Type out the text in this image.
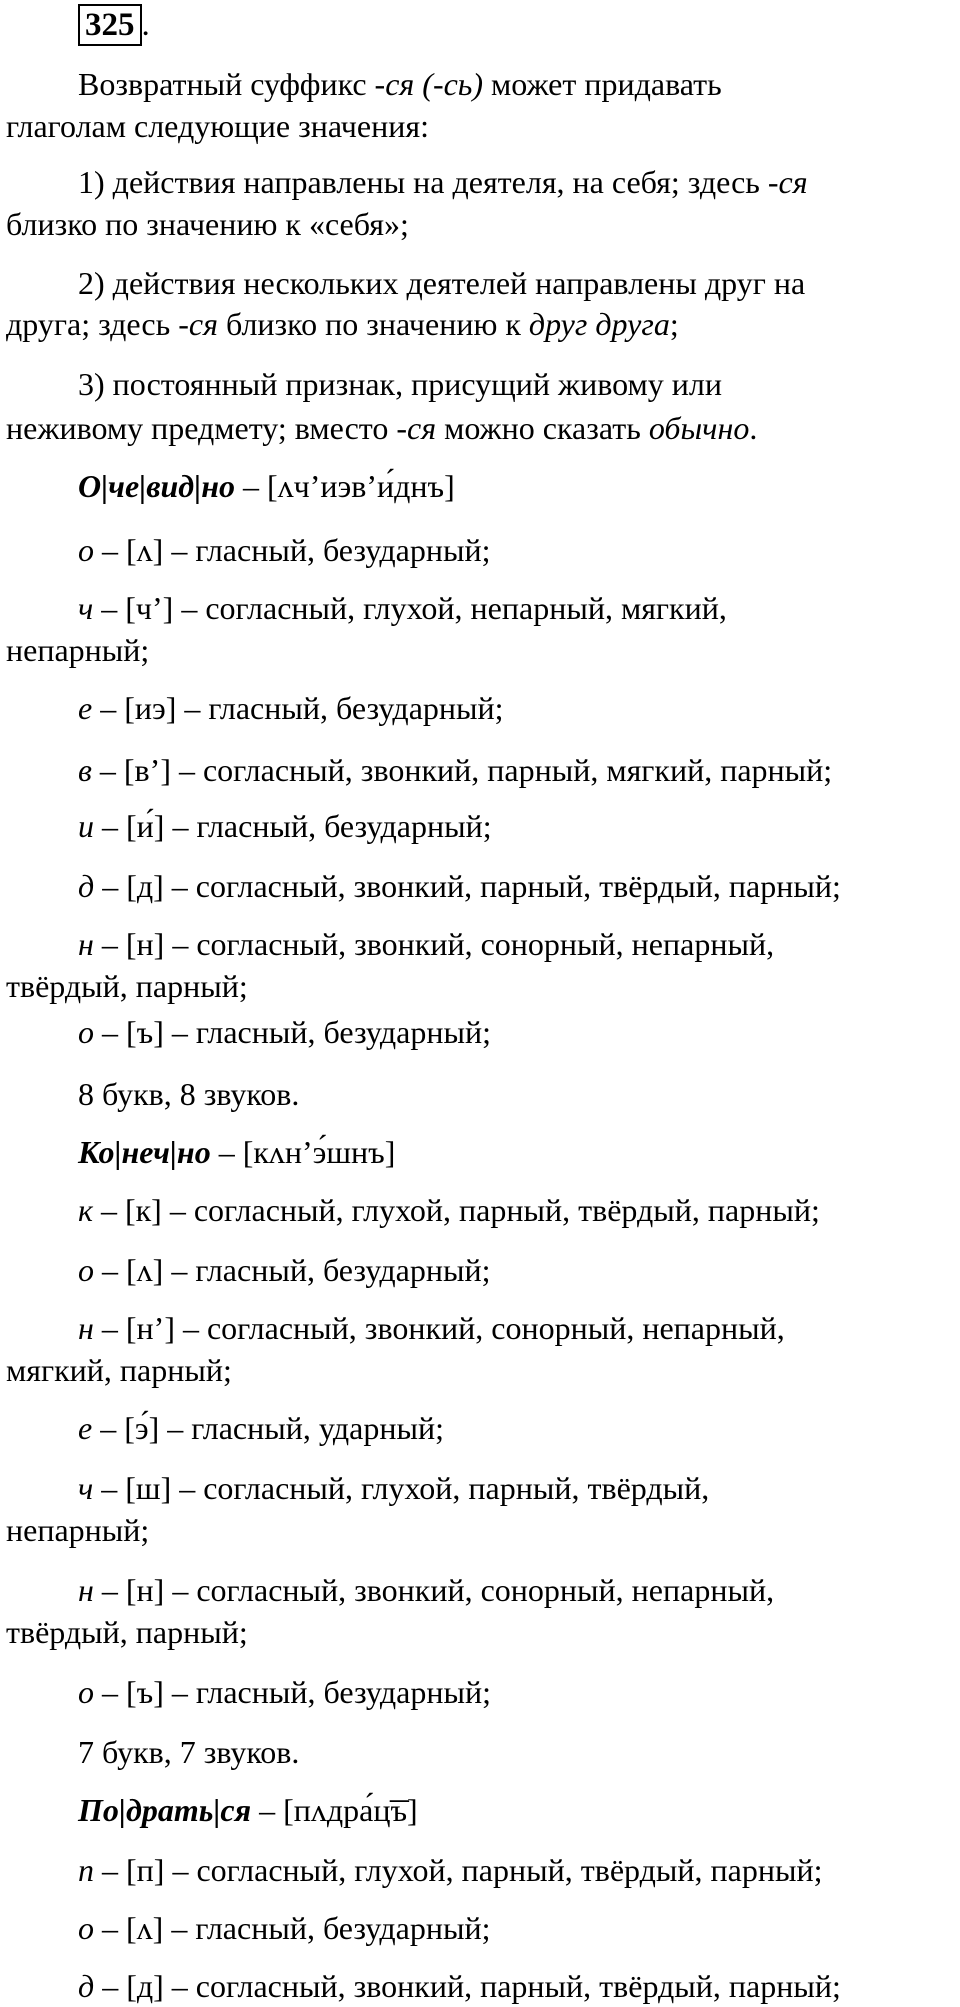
325 .
Возвратный суффикс -ся (-сь) может придавать
глаголам следующие значения:
1) действия направлены на деятеля, на себя; здесь -ся
близко по значению к «себя»;
2) действия нескольких деятелей направлены друг на
друга; здесь -ся близко по значению к друг друга;
3) постоянный признак, присущий живому или
неживому предмету; вместо -ся можно сказать обычно.
О|че|вид|но – [ʌч’иэв’и́днъ]
о – [ʌ] – гласный, безударный;
ч – [ч’] – согласный, глухой, непарный, мягкий,
непарный;
е – [иэ] – гласный, безударный;
в – [в’] – согласный, звонкий, парный, мягкий, парный;
и – [и́] – гласный, безударный;
д – [д] – согласный, звонкий, парный, твёрдый, парный;
н – [н] – согласный, звонкий, сонорный, непарный,
твёрдый, парный;
о – [ъ] – гласный, безударный;
8 букв, 8 звуков.
Ко|неч|но – [кʌн’э́шнъ]
к – [к] – согласный, глухой, парный, твёрдый, парный;
о – [ʌ] – гласный, безударный;
н – [н’] – согласный, звонкий, сонорный, непарный,
мягкий, парный;
е – [э́] – гласный, ударный;
ч – [ш] – согласный, глухой, парный, твёрдый,
непарный;
н – [н] – согласный, звонкий, сонорный, непарный,
твёрдый, парный;
о – [ъ] – гласный, безударный;
7 букв, 7 звуков.
По|драть|ся – [пʌдра́ц͞ъ]
п – [п] – согласный, глухой, парный, твёрдый, парный;
о – [ʌ] – гласный, безударный;
д – [д] – согласный, звонкий, парный, твёрдый, парный;
